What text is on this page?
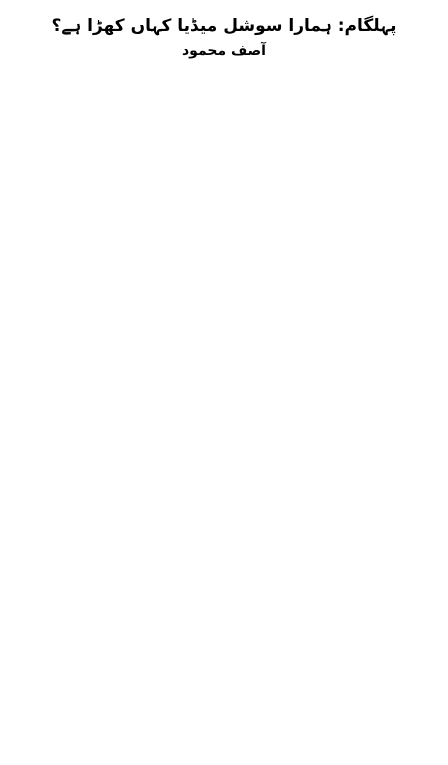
پہلگام: ہمارا سوشل میڈیا کہاں کھڑا ہے؟
آصف محمود
